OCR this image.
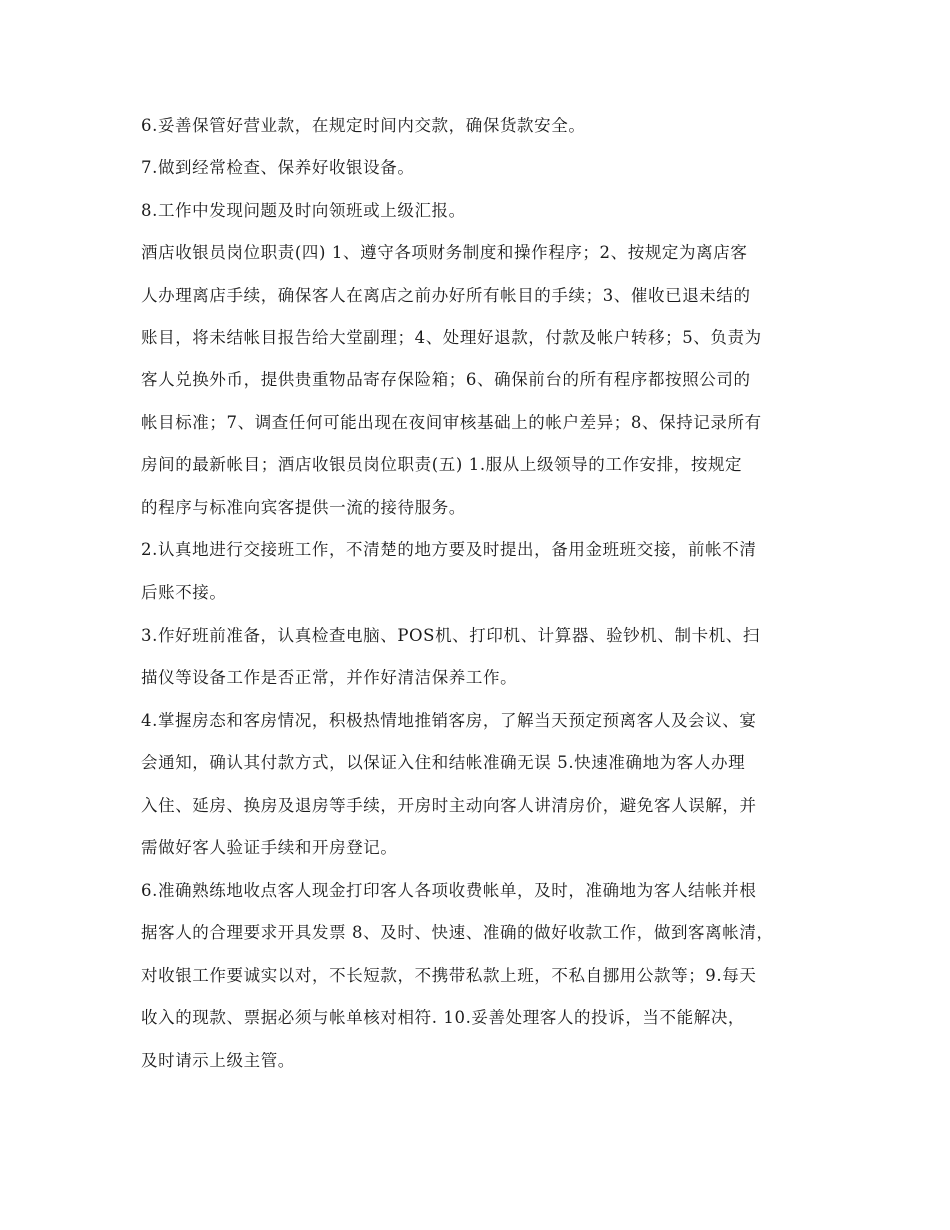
6.妥善保管好营业款，在规定时间内交款，确保货款安全。
7.做到经常检查、保养好收银设备。
8.工作中发现问题及时向领班或上级汇报。
酒店收银员岗位职责(四) 1、遵守各项财务制度和操作程序；2、按规定为离店客
人办理离店手续，确保客人在离店之前办好所有帐目的手续；3、催收已退未结的
账目，将未结帐目报告给大堂副理；4、处理好退款，付款及帐户转移；5、负责为
客人兑换外币，提供贵重物品寄存保险箱；6、确保前台的所有程序都按照公司的
帐目标准；7、调查任何可能出现在夜间审核基础上的帐户差异；8、保持记录所有
房间的最新帐目；酒店收银员岗位职责(五) 1.服从上级领导的工作安排，按规定
的程序与标准向宾客提供一流的接待服务。
2.认真地进行交接班工作，不清楚的地方要及时提出，备用金班班交接，前帐不清
后账不接。
3.作好班前准备，认真检查电脑、POS机、打印机、计算器、验钞机、制卡机、扫
描仪等设备工作是否正常，并作好清洁保养工作。
4.掌握房态和客房情况，积极热情地推销客房，了解当天预定预离客人及会议、宴
会通知，确认其付款方式，以保证入住和结帐准确无误 5.快速准确地为客人办理
入住、延房、换房及退房等手续，开房时主动向客人讲清房价，避免客人误解，并
需做好客人验证手续和开房登记。
6.准确熟练地收点客人现金打印客人各项收费帐单，及时，准确地为客人结帐并根
据客人的合理要求开具发票 8、及时、快速、准确的做好收款工作，做到客离帐清，
对收银工作要诚实以对，不长短款，不携带私款上班，不私自挪用公款等；9.每天
收入的现款、票据必须与帐单核对相符. 10.妥善处理客人的投诉，当不能解决，
及时请示上级主管。
